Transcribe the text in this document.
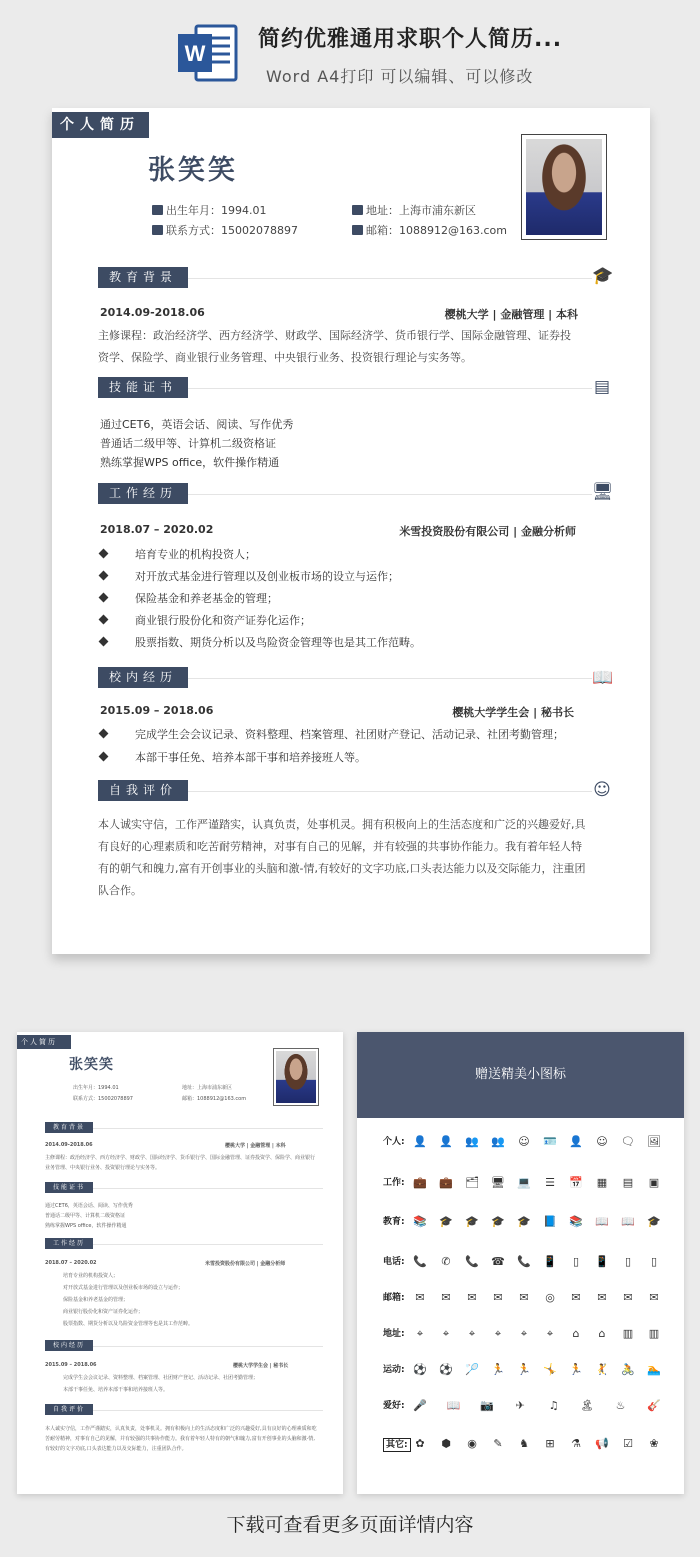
W
简约优雅通用求职个人简历...
Word A4打印 可以编辑、可以修改
个人简历
张笑笑
出生年月：1994.01
联系方式：15002078897
地址：上海市浦东新区
邮箱：1088912@163.com
教育背景	🎓
2014.09-2018.06	樱桃大学 | 金融管理 | 本科
主修课程：政治经济学、西方经济学、财政学、国际经济学、货币银行学、国际金融管理、证券投资学、保险学、商业银行业务管理、中央银行业务、投资银行理论与实务等。
技能证书	▤
通过CET6，英语会话、阅读、写作优秀
普通话二级甲等、计算机二级资格证
熟练掌握WPS office，软件操作精通
工作经历	🖥
2018.07 – 2020.02	米雪投资股份有限公司 | 金融分析师
培育专业的机构投资人；
对开放式基金进行管理以及创业板市场的设立与运作；
保险基金和养老基金的管理；
商业银行股份化和资产证券化运作；
股票指数、期货分析以及鸟险资金管理等也是其工作范畴。
校内经历	📖
2015.09 – 2018.06	樱桃大学学生会 | 秘书长
完成学生会会议记录、资料整理、档案管理、社团财产登记、活动记录、社团考勤管理；
本部干事任免、培养本部干事和培养接班人等。
自我评价	☺
本人诚实守信，工作严谨踏实，认真负责，处事机灵。拥有积极向上的生活态度和广泛的兴趣爱好,具有良好的心理素质和吃苦耐劳精神，对事有自己的见解，并有较强的共事协作能力。我有着年轻人特有的朝气和魄力,富有开创事业的头脑和激-情,有较好的文字功底,口头表达能力以及交际能力，注重团队合作。
个人简历
张笑笑
出生年月：1994.01
联系方式：15002078897
地址：上海市浦东新区
邮箱：1088912@163.com
教育背景
2014.09-2018.06	樱桃大学 | 金融管理 | 本科
主修课程：政治经济学、西方经济学、财政学、国际经济学、货币银行学、国际金融管理、证券投资学、保险学、商业银行业务管理、中央银行业务、投资银行理论与实务等。
技能证书
通过CET6，英语会话、阅读、写作优秀
普通话二级甲等、计算机二级资格证
熟练掌握WPS office，软件操作精通
工作经历
2018.07 – 2020.02	米雪投资股份有限公司 | 金融分析师
培育专业的机构投资人；
对开放式基金进行管理以及创业板市场的设立与运作；
保险基金和养老基金的管理；
商业银行股份化和资产证券化运作；
股票指数、期货分析以及鸟险资金管理等也是其工作范畴。
校内经历
2015.09 – 2018.06	樱桃大学学生会 | 秘书长
完成学生会会议记录、资料整理、档案管理、社团财产登记、活动记录、社团考勤管理；
本部干事任免、培养本部干事和培养接班人等。
自我评价
本人诚实守信，工作严谨踏实，认真负责，处事机灵。拥有积极向上的生活态度和广泛的兴趣爱好,具有良好的心理素质和吃苦耐劳精神，对事有自己的见解，并有较强的共事协作能力。我有着年轻人特有的朝气和魄力,富有开创事业的头脑和激-情,有较好的文字功底,口头表达能力以及交际能力，注重团队合作。
赠送精美小图标
个人: 👤 👤 👥 👥 ☺ 🪪 👤 ☺ 🗨 🖼
工作: 💼 💼 🗂 🖥 💻 ☰ 📅 ▦ ▤ ▣
教育: 📚 🎓 🎓 🎓 🎓 📘 📚 📖 📖 🎓
电话: 📞	✆	📞 ☎ 📞 📱	▯	📱	▯	▯
邮箱: ✉	✉	✉	✉	✉	◎	✉	✉	✉	✉
地址:	⌖	⌖	⌖	⌖	⌖	⌖	⌂	⌂	▥ ▥
运动: ⚽ ⚽ 🏸 🏃 🏃 🤸 🏃 🤾 🚴 🏊
爱好: 🎤 📖 📷	✈	♫ 🏝 ♨ 🎸
其它: ✿	⬢ ◉	✎	♞	⊞	⚗ 📢 ☑	❀
下载可查看更多页面详情内容
